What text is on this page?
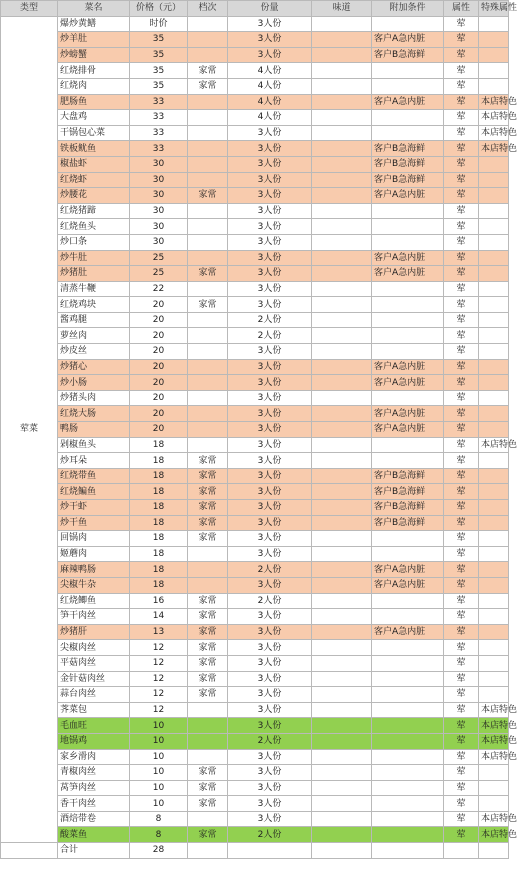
类型	菜名	价格（元）	档次	份量	味道	附加条件	属性	特殊属性
荤菜	爆炒黄鳝	时价		3人份			荤	
	炒羊肚	35		3人份		客户A急内脏	荤	
	炒螃蟹	35		3人份		客户B急海鲜	荤	
	红烧排骨	35	家常	4人份			荤	
	红烧肉	35	家常	4人份			荤	
	肥肠鱼	33		4人份		客户A急内脏	荤	本店特色
	大盘鸡	33		4人份			荤	本店特色
	干锅包心菜	33		3人份			荤	本店特色
	铁板鱿鱼	33		3人份		客户B急海鲜	荤	本店特色
	椒盐虾	30		3人份		客户B急海鲜	荤	
	红烧虾	30		3人份		客户B急海鲜	荤	
	炒腰花	30	家常	3人份		客户A急内脏	荤	
	红烧猪蹄	30		3人份			荤	
	红烧鱼头	30		3人份			荤	
	炒口条	30		3人份			荤	
	炒牛肚	25		3人份		客户A急内脏	荤	
	炒猪肚	25	家常	3人份		客户A急内脏	荤	
	清蒸牛鞭	22		3人份			荤	
	红烧鸡块	20	家常	3人份			荤	
	酱鸡腿	20		2人份			荤	
	萝丝肉	20		2人份			荤	
	炒皮丝	20		3人份			荤	
	炒猪心	20		3人份		客户A急内脏	荤	
	炒小肠	20		3人份		客户A急内脏	荤	
	炒猪头肉	20		3人份			荤	
	红烧大肠	20		3人份		客户A急内脏	荤	
	鸭肠	20		3人份		客户A急内脏	荤	
	剁椒鱼头	18		3人份			荤	本店特色
	炒耳朵	18	家常	3人份			荤	
	红烧带鱼	18	家常	3人份		客户B急海鲜	荤	
	红烧鳊鱼	18	家常	3人份		客户B急海鲜	荤	
	炒干虾	18	家常	3人份		客户B急海鲜	荤	
	炒干鱼	18	家常	3人份		客户B急海鲜	荤	
	回锅肉	18	家常	3人份			荤	
	姬蘑肉	18		3人份			荤	
	麻辣鸭肠	18		2人份		客户A急内脏	荤	
	尖椒牛杂	18		3人份		客户A急内脏	荤	
	红烧鲫鱼	16	家常	2人份			荤	
	笋干肉丝	14	家常	3人份			荤	
	炒猪肝	13	家常	3人份		客户A急内脏	荤	
	尖椒肉丝	12	家常	3人份			荤	
	平菇肉丝	12	家常	3人份			荤	
	金针菇肉丝	12	家常	3人份			荤	
	蒜台肉丝	12	家常	3人份			荤	
	荠菜包	12		3人份			荤	本店特色
	毛血旺	10		3人份			荤	本店特色
	地锅鸡	10		2人份			荤	本店特色
	家乡滑肉	10		3人份			荤	本店特色
	青椒肉丝	10	家常	3人份			荤	
	莴笋肉丝	10	家常	3人份			荤	
	香干肉丝	10	家常	3人份			荤	
	酒焙带卷	8		3人份			荤	本店特色
	酸菜鱼	8	家常	2人份			荤	本店特色
	合计	28						
